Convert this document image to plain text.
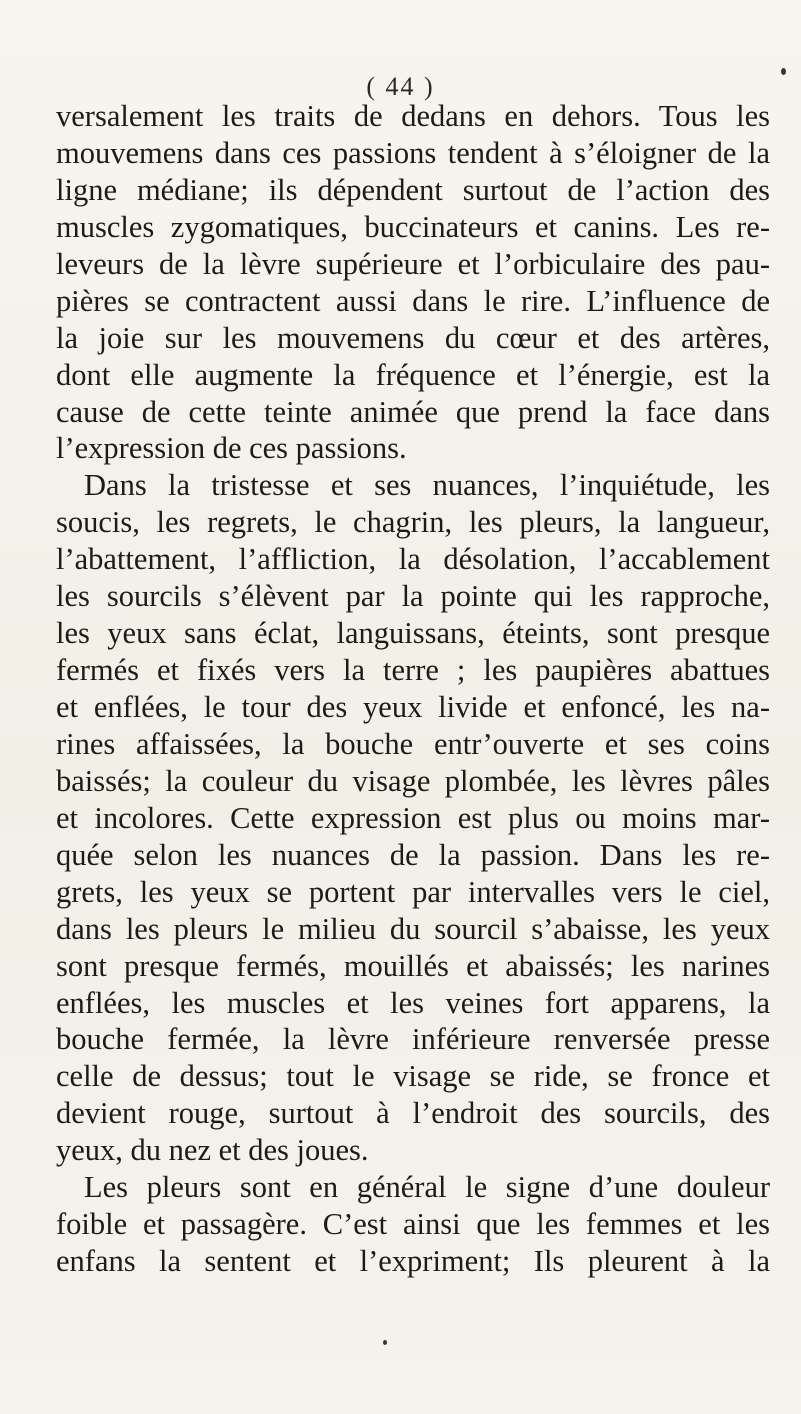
( 44 )
versalement les traits de dedans en dehors. Tous les
mouvemens dans ces passions tendent à s’éloigner de la
ligne médiane; ils dépendent surtout de l’action des
muscles zygomatiques, buccinateurs et canins. Les re-
leveurs de la lèvre supérieure et l’orbiculaire des pau-
pières se contractent aussi dans le rire. L’influence de
la joie sur les mouvemens du cœur et des artères,
dont elle augmente la fréquence et l’énergie, est la
cause de cette teinte animée que prend la face dans
l’expression de ces passions.
Dans la tristesse et ses nuances, l’inquiétude, les
soucis, les regrets, le chagrin, les pleurs, la langueur,
l’abattement, l’affliction, la désolation, l’accablement
les sourcils s’élèvent par la pointe qui les rapproche,
les yeux sans éclat, languissans, éteints, sont presque
fermés et fixés vers la terre ; les paupières abattues
et enflées, le tour des yeux livide et enfoncé, les na-
rines affaissées, la bouche entr’ouverte et ses coins
baissés; la couleur du visage plombée, les lèvres pâles
et incolores. Cette expression est plus ou moins mar-
quée selon les nuances de la passion. Dans les re-
grets, les yeux se portent par intervalles vers le ciel,
dans les pleurs le milieu du sourcil s’abaisse, les yeux
sont presque fermés, mouillés et abaissés; les narines
enflées, les muscles et les veines fort apparens, la
bouche fermée, la lèvre inférieure renversée presse
celle de dessus; tout le visage se ride, se fronce et
devient rouge, surtout à l’endroit des sourcils, des
yeux, du nez et des joues.
Les pleurs sont en général le signe d’une douleur
foible et passagère. C’est ainsi que les femmes et les
enfans la sentent et l’expriment; Ils pleurent à la
